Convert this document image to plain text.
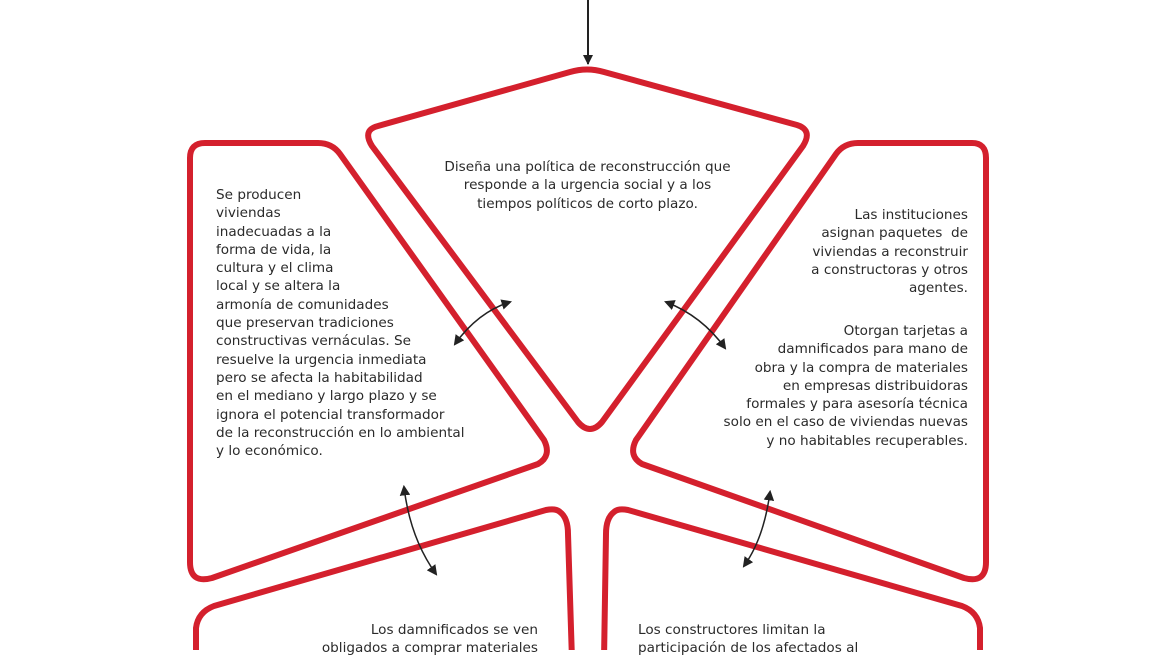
Diseña una política de reconstrucción que
responde a la urgencia social y a los
tiempos políticos de corto plazo.
Se producen
viviendas
inadecuadas a la
forma de vida, la
cultura y el clima
local y se altera la
armonía de comunidades
que preservan tradiciones
constructivas vernáculas. Se
resuelve la urgencia inmediata
pero se afecta la habitabilidad
en el mediano y largo plazo y se
ignora el potencial transformador
de la reconstrucción en lo ambiental
y lo económico.
Las instituciones
asignan paquetes  de
viviendas a reconstruir
a constructoras y otros
agentes.
Otorgan tarjetas a
damnificados para mano de
obra y la compra de materiales
en empresas distribuidoras
formales y para asesoría técnica
solo en el caso de viviendas nuevas
y no habitables recuperables.
Los damnificados se ven
obligados a comprar materiales
Los constructores limitan la
participación de los afectados al
